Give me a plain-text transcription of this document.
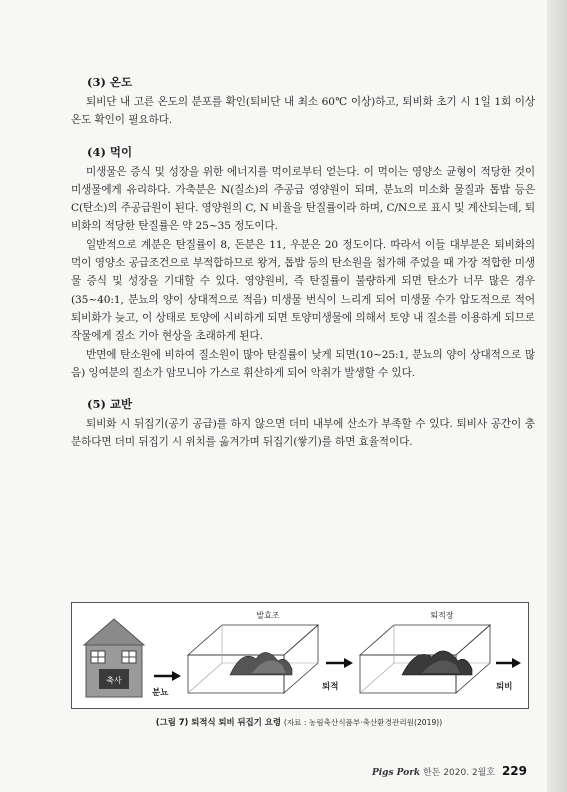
(3) 온도

퇴비단 내 고른 온도의 분포를 확인(퇴비단 내 최소 60℃ 이상)하고, 퇴비화 초기 시 1일 1회 이상 온도 확인이 필요하다.

(4) 먹이

미생물은 증식 및 성장을 위한 에너지를 먹이로부터 얻는다. 이 먹이는 영양소 균형이 적당한 것이 미생물에게 유리하다. 가축분은 N(질소)의 주공급 영양원이 되며, 분뇨의 미소화 물질과 톱밥 등은 C(탄소)의 주공급원이 된다. 영양원의 C, N 비율을 탄질률이라 하며, C/N으로 표시 및 계산되는데, 퇴비화의 적당한 탄질률은 약 25~35 정도이다.

일반적으로 계분은 탄질률이 8, 돈분은 11, 우분은 20 정도이다. 따라서 이들 대부분은 퇴비화의 먹이 영양소 공급조건으로 부적합하므로 왕겨, 톱밥 등의 탄소원을 첨가해 주었을 때 가장 적합한 미생물 증식 및 성장을 기대할 수 있다. 영양원비, 즉 탄질률이 불량하게 되면 탄소가 너무 많은 경우(35~40:1, 분뇨의 양이 상대적으로 적음) 미생물 번식이 느리게 되어 미생물 수가 압도적으로 적어 퇴비화가 늦고, 이 상태로 토양에 시비하게 되면 토양미생물에 의해서 토양 내 질소를 이용하게 되므로 작물에게 질소 기아 현상을 초래하게 된다.

반면에 탄소원에 비하여 질소원이 많아 탄질률이 낮게 되면(10~25:1, 분뇨의 양이 상대적으로 많음) 잉여분의 질소가 암모니아 가스로 휘산하게 되어 악취가 발생할 수 있다.

(5) 교반

퇴비화 시 뒤집기(공기 공급)를 하지 않으면 더미 내부에 산소가 부족할 수 있다. 퇴비사 공간이 충분하다면 더미 뒤집기 시 위치를 옮겨가며 뒤집기(쌓기)를 하면 효율적이다.

축사
분뇨
발효조
퇴적
퇴적장
퇴비
(그림 7) 퇴적식 퇴비 뒤집기 요령 (자료 : 농림축산식품부·축산환경관리원(2019))
Pigs Pork 한돈 2020. 2월호 229
